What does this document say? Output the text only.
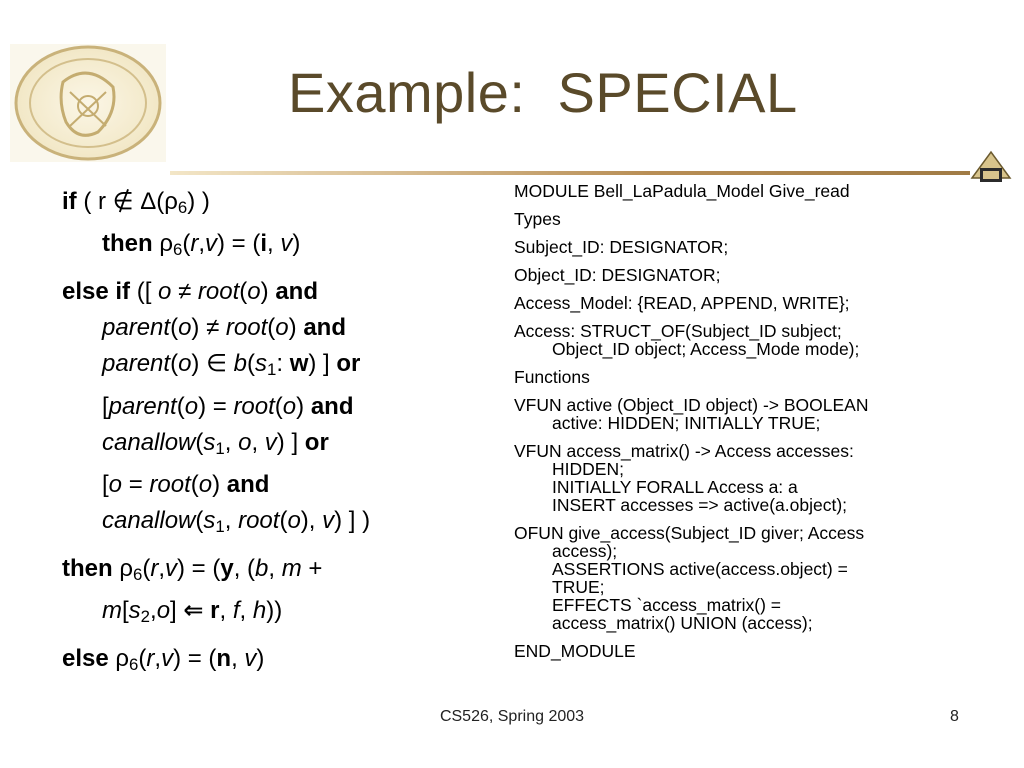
Example:  SPECIAL
if ( r ∉ $\Delta(\rho_6)$ )
then $\rho_6(r,v) = (i$, v)
else if ([ o ≠ root(o) and
parent(o) ≠ root(o) and
parent(o) ∈ $b(s_1$: w) ] or
[parent(o) = root(o) and
$canallow(s_1$, o, v) ] or
[o = root(o) and
$canallow(s_1$, root(o), v) ] )
then $\rho_6(r,v) = (y$, (b, m +
$m[s_2,o]$ ⇐ r, f, h))
else $\rho_6(r,v) = (n$, v)
MODULE Bell_LaPadula_Model Give_read
Types
Subject_ID: DESIGNATOR;
Object_ID: DESIGNATOR;
Access_Model: {READ, APPEND, WRITE};
Access: STRUCT_OF(Subject_ID subject;
Object_ID object; Access_Mode mode);
Functions
VFUN active (Object_ID object) -> BOOLEAN
active: HIDDEN; INITIALLY TRUE;
VFUN access_matrix() -> Access accesses:
HIDDEN;
INITIALLY FORALL Access a: a
INSERT accesses => active(a.object);
OFUN give_access(Subject_ID giver; Access
access);
ASSERTIONS active(access.object) =
TRUE;
EFFECTS `access_matrix() =
access_matrix() UNION (access);
END_MODULE
CS526, Spring 2003	8
